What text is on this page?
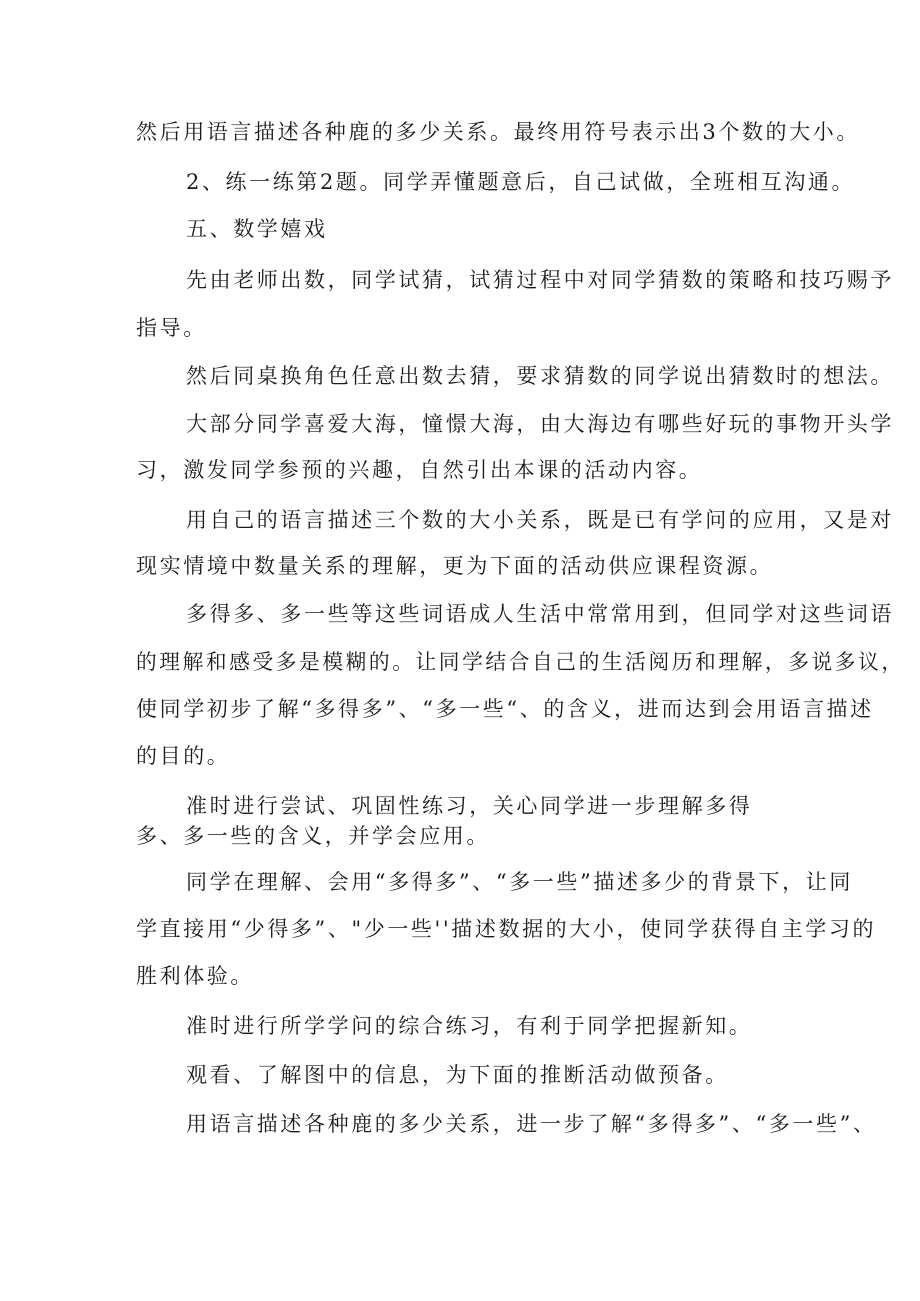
然后用语言描述各种鹿的多少关系。最终用符号表示出3个数的大小。
2、练一练第2题。同学弄懂题意后，自己试做，全班相互沟通。
五、数学嬉戏
先由老师出数，同学试猜，试猜过程中对同学猜数的策略和技巧赐予
指导。
然后同桌换角色任意出数去猜，要求猜数的同学说出猜数时的想法。
大部分同学喜爱大海，憧憬大海，由大海边有哪些好玩的事物开头学
习，激发同学参预的兴趣，自然引出本课的活动内容。
用自己的语言描述三个数的大小关系，既是已有学问的应用，又是对
现实情境中数量关系的理解，更为下面的活动供应课程资源。
多得多、多一些等这些词语成人生活中常常用到，但同学对这些词语
的理解和感受多是模糊的。让同学结合自己的生活阅历和理解，多说多议，
使同学初步了解“多得多”、“多一些“、的含义，进而达到会用语言描述
的目的。
准时进行尝试、巩固性练习，关心同学进一步理解多得
多、多一些的含义，并学会应用。
同学在理解、会用“多得多”、“多一些”描述多少的背景下，让同
学直接用“少得多”、"少一些''描述数据的大小，使同学获得自主学习的
胜利体验。
准时进行所学学问的综合练习，有利于同学把握新知。
观看、了解图中的信息，为下面的推断活动做预备。
用语言描述各种鹿的多少关系，进一步了解“多得多”、“多一些”、
